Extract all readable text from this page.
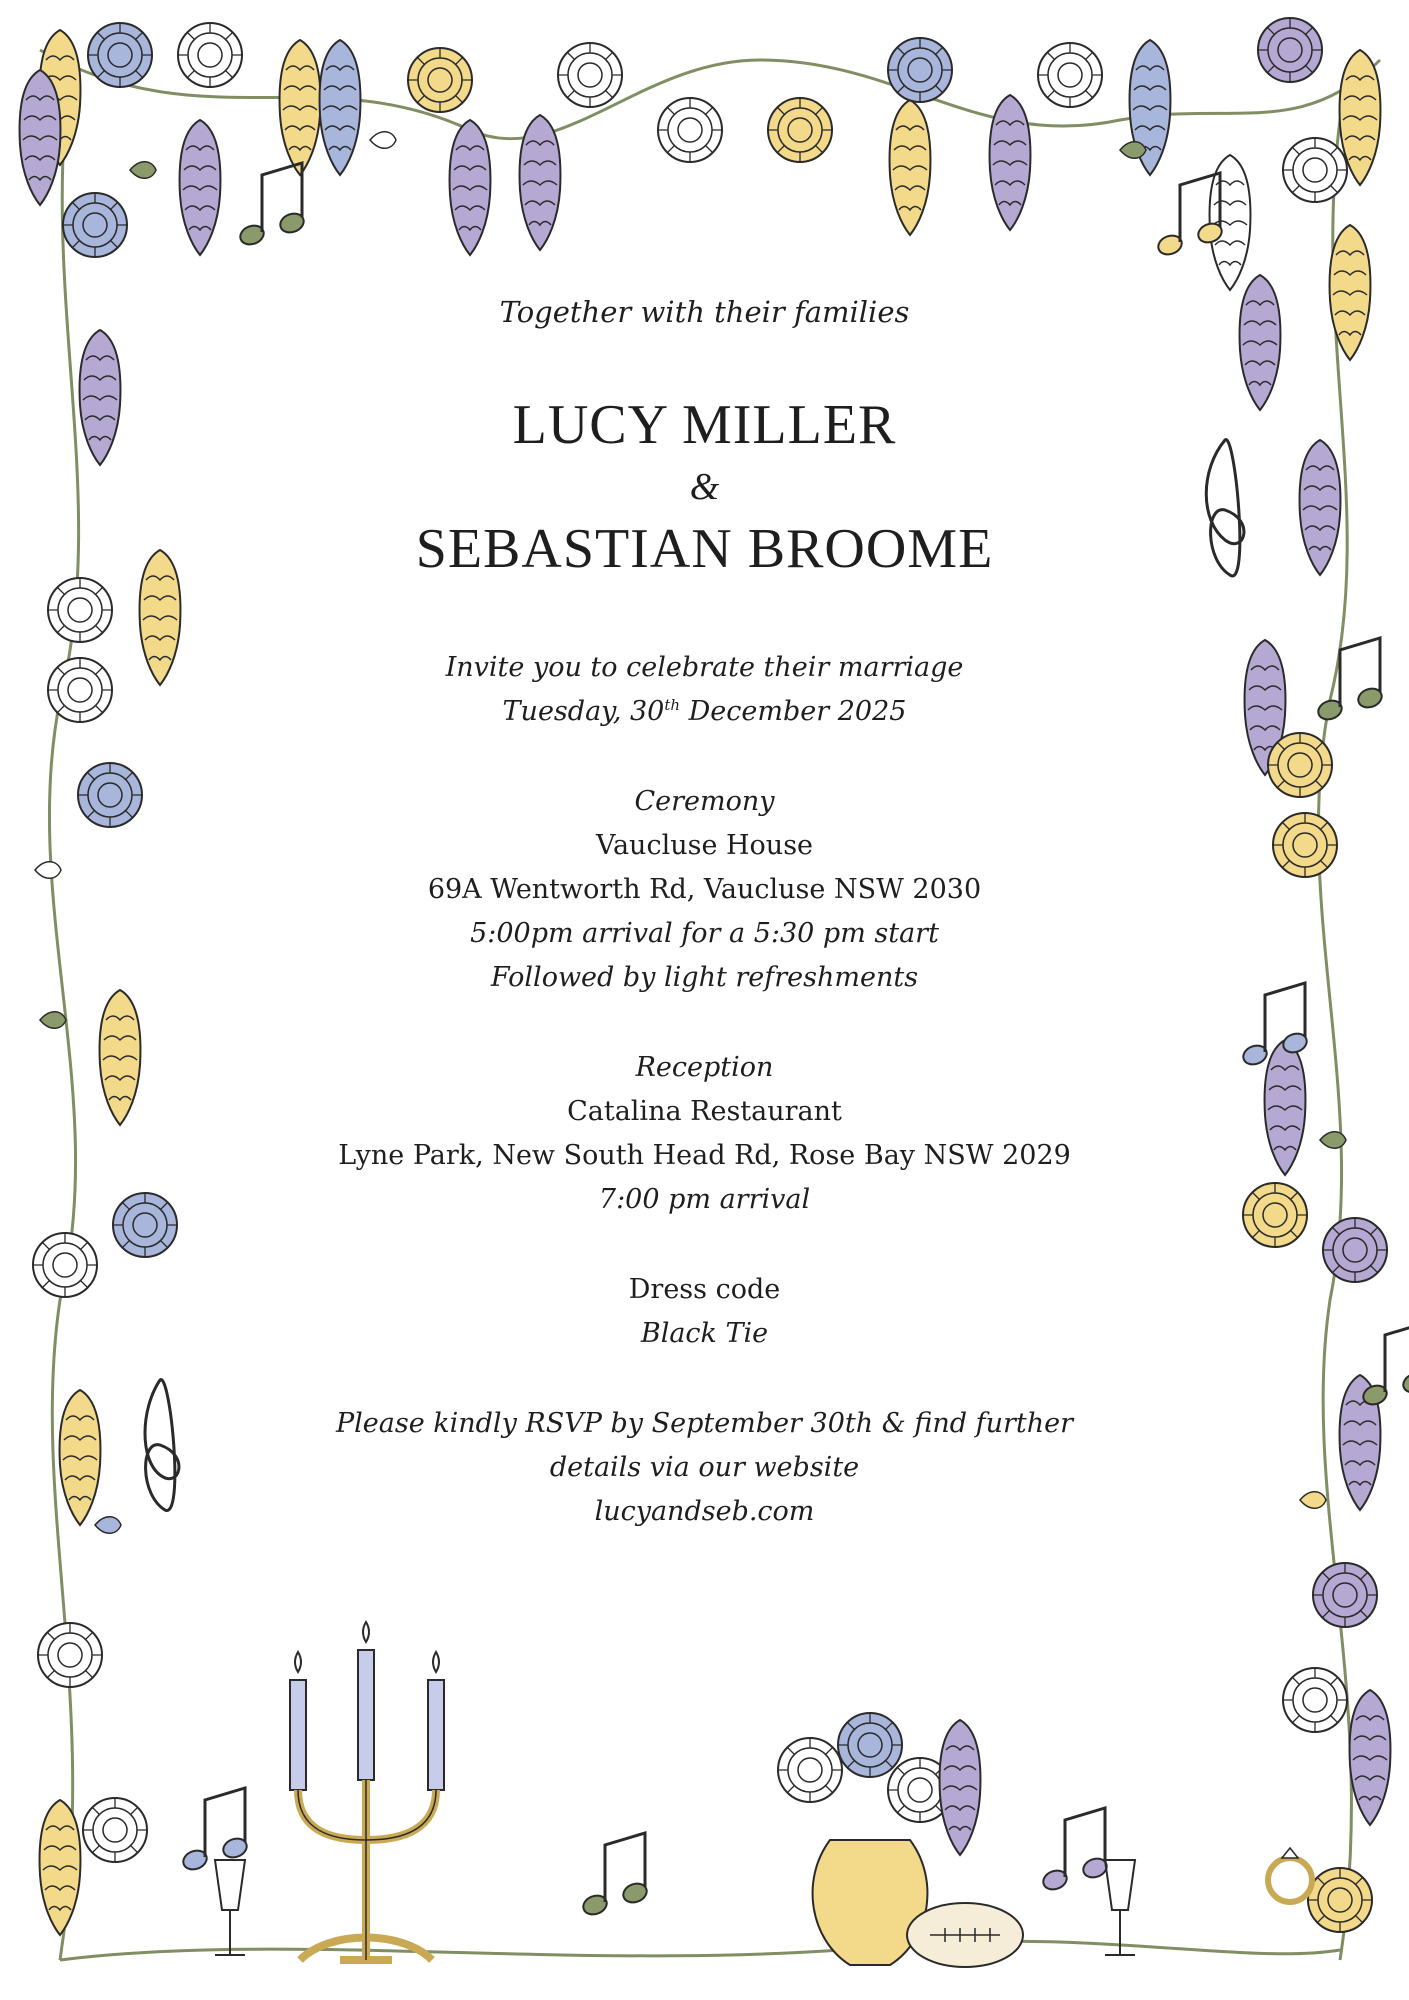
Together with their families

LUCY MILLER

&

SEBASTIAN BROOME

Invite you to celebrate their marriage

Tuesday, 30th December 2025

Ceremony

Vaucluse House

69A Wentworth Rd, Vaucluse NSW 2030

5:00pm arrival for a 5:30 pm start

Followed by light refreshments

Reception

Catalina Restaurant

Lyne Park, New South Head Rd, Rose Bay NSW 2029

7:00 pm arrival

Dress code

Black Tie

Please kindly RSVP by September 30th & find further

details via our website

lucyandseb.com
